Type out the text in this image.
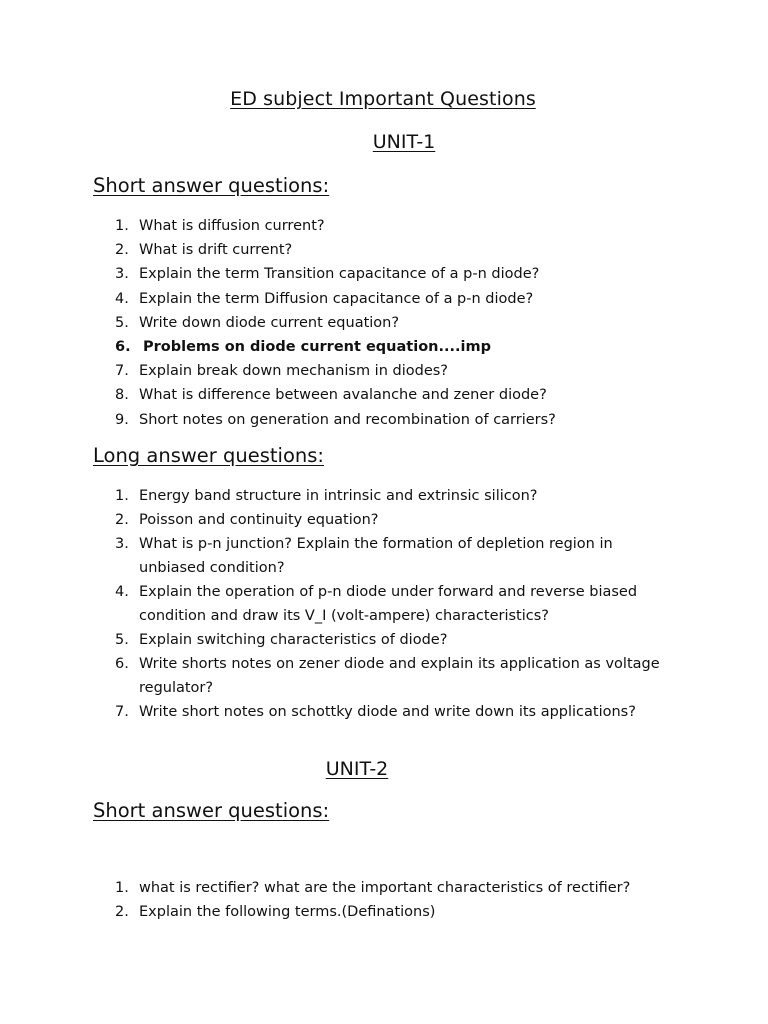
ED subject Important Questions
UNIT-1
Short answer questions:
1. What is diffusion current?
2. What is drift current?
3. Explain the term Transition capacitance of a p-n diode?
4. Explain the term Diffusion capacitance of a p-n diode?
5. Write down diode current equation?
6. Problems on diode current equation....imp
7. Explain break down mechanism in diodes?
8. What is difference between avalanche and zener diode?
9. Short notes on generation and recombination of carriers?
Long answer questions:
1. Energy band structure in intrinsic and extrinsic silicon?
2. Poisson and continuity equation?
3. What is p-n junction? Explain the formation of depletion region in unbiased condition?
4. Explain the operation of p-n diode under forward and reverse biased condition and draw its V_I (volt-ampere) characteristics?
5. Explain switching characteristics of diode?
6. Write shorts notes on zener diode and explain its application as voltage regulator?
7. Write short notes on schottky diode and write down its applications?
UNIT-2
Short answer questions:
1. what is rectifier? what are the important characteristics of rectifier?
2. Explain the following terms.(Definations)
